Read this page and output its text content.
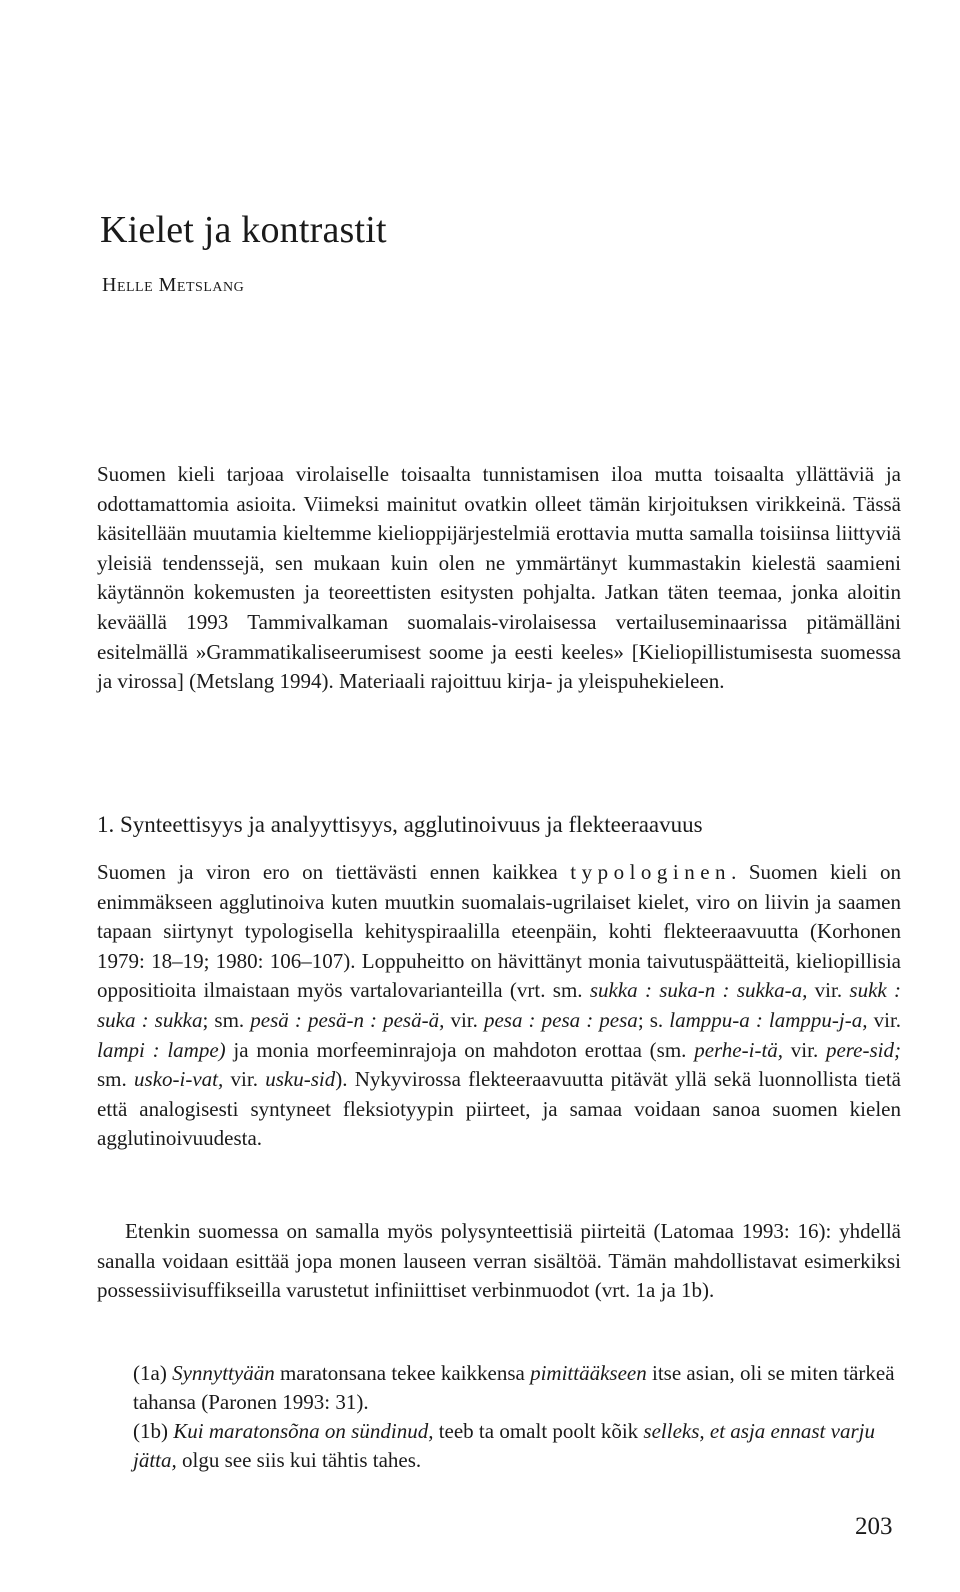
Kielet ja kontrastit
Helle Metslang

Suomen kieli tarjoaa virolaiselle toisaalta tunnistamisen iloa mutta toisaalta yllättäviä ja odottamattomia asioita. Viimeksi mainitut ovatkin olleet tämän kirjoituksen virikkeinä. Tässä käsitellään muutamia kieltemme kielioppijärjestelmiä erottavia mutta samalla toisiinsa liittyviä yleisiä tendenssejä, sen mukaan kuin olen ne ymmärtänyt kummastakin kielestä saamieni käytännön kokemusten ja teoreettisten esitysten pohjalta. Jatkan täten teemaa, jonka aloitin keväällä 1993 Tammivalkaman suomalais-virolaisessa vertailuseminaarissa pitämälläni esitelmällä »Grammatikaliseerumisest soome ja eesti keeles» [Kieliopillistumisesta suomessa ja virossa] (Metslang 1994). Materiaali rajoittuu kirja- ja yleispuhekieleen.

1. Synteettisyys ja analyyttisyys, agglutinoivuus ja flekteeraavuus

Suomen ja viron ero on tiettävästi ennen kaikkea typologinen. Suomen kieli on enimmäkseen agglutinoiva kuten muutkin suomalais-ugrilaiset kielet, viro on liivin ja saamen tapaan siirtynyt typologisella kehityspiraalilla eteenpäin, kohti flekteeraavuutta (Korhonen 1979: 18–19; 1980: 106–107). Loppuheitto on hävittänyt monia taivutuspäätteitä, kieliopillisia oppositioita ilmaistaan myös vartalovarianteilla (vrt. sm. sukka : suka-n : sukka-a, vir. sukk : suka : sukka; sm. pesä : pesä-n : pesä-ä, vir. pesa : pesa : pesa; s. lamppu-a : lamppu-j-a, vir. lampi : lampe) ja monia morfeeminrajoja on mahdoton erottaa (sm. perhe-i-tä, vir. pere-sid; sm. usko-i-vat, vir. usku-sid). Nykyvirossa flekteeraavuutta pitävät yllä sekä luonnollista tietä että analogisesti syntyneet fleksiotyypin piirteet, ja samaa voidaan sanoa suomen kielen agglutinoivuudesta.

Etenkin suomessa on samalla myös polysynteettisiä piirteitä (Latomaa 1993: 16): yhdellä sanalla voidaan esittää jopa monen lauseen verran sisältöä. Tämän mahdollistavat esimerkiksi possessiivisuffikseilla varustetut infiniittiset verbinmuodot (vrt. 1a ja 1b).

(1a) Synnyttyään maratonsana tekee kaikkensa pimittääkseen itse asian, oli se miten tärkeä tahansa (Paronen 1993: 31).

(1b) Kui maratonsõna on sündinud, teeb ta omalt poolt kõik selleks, et asja ennast varju jätta, olgu see siis kui tähtis tahes.

203
